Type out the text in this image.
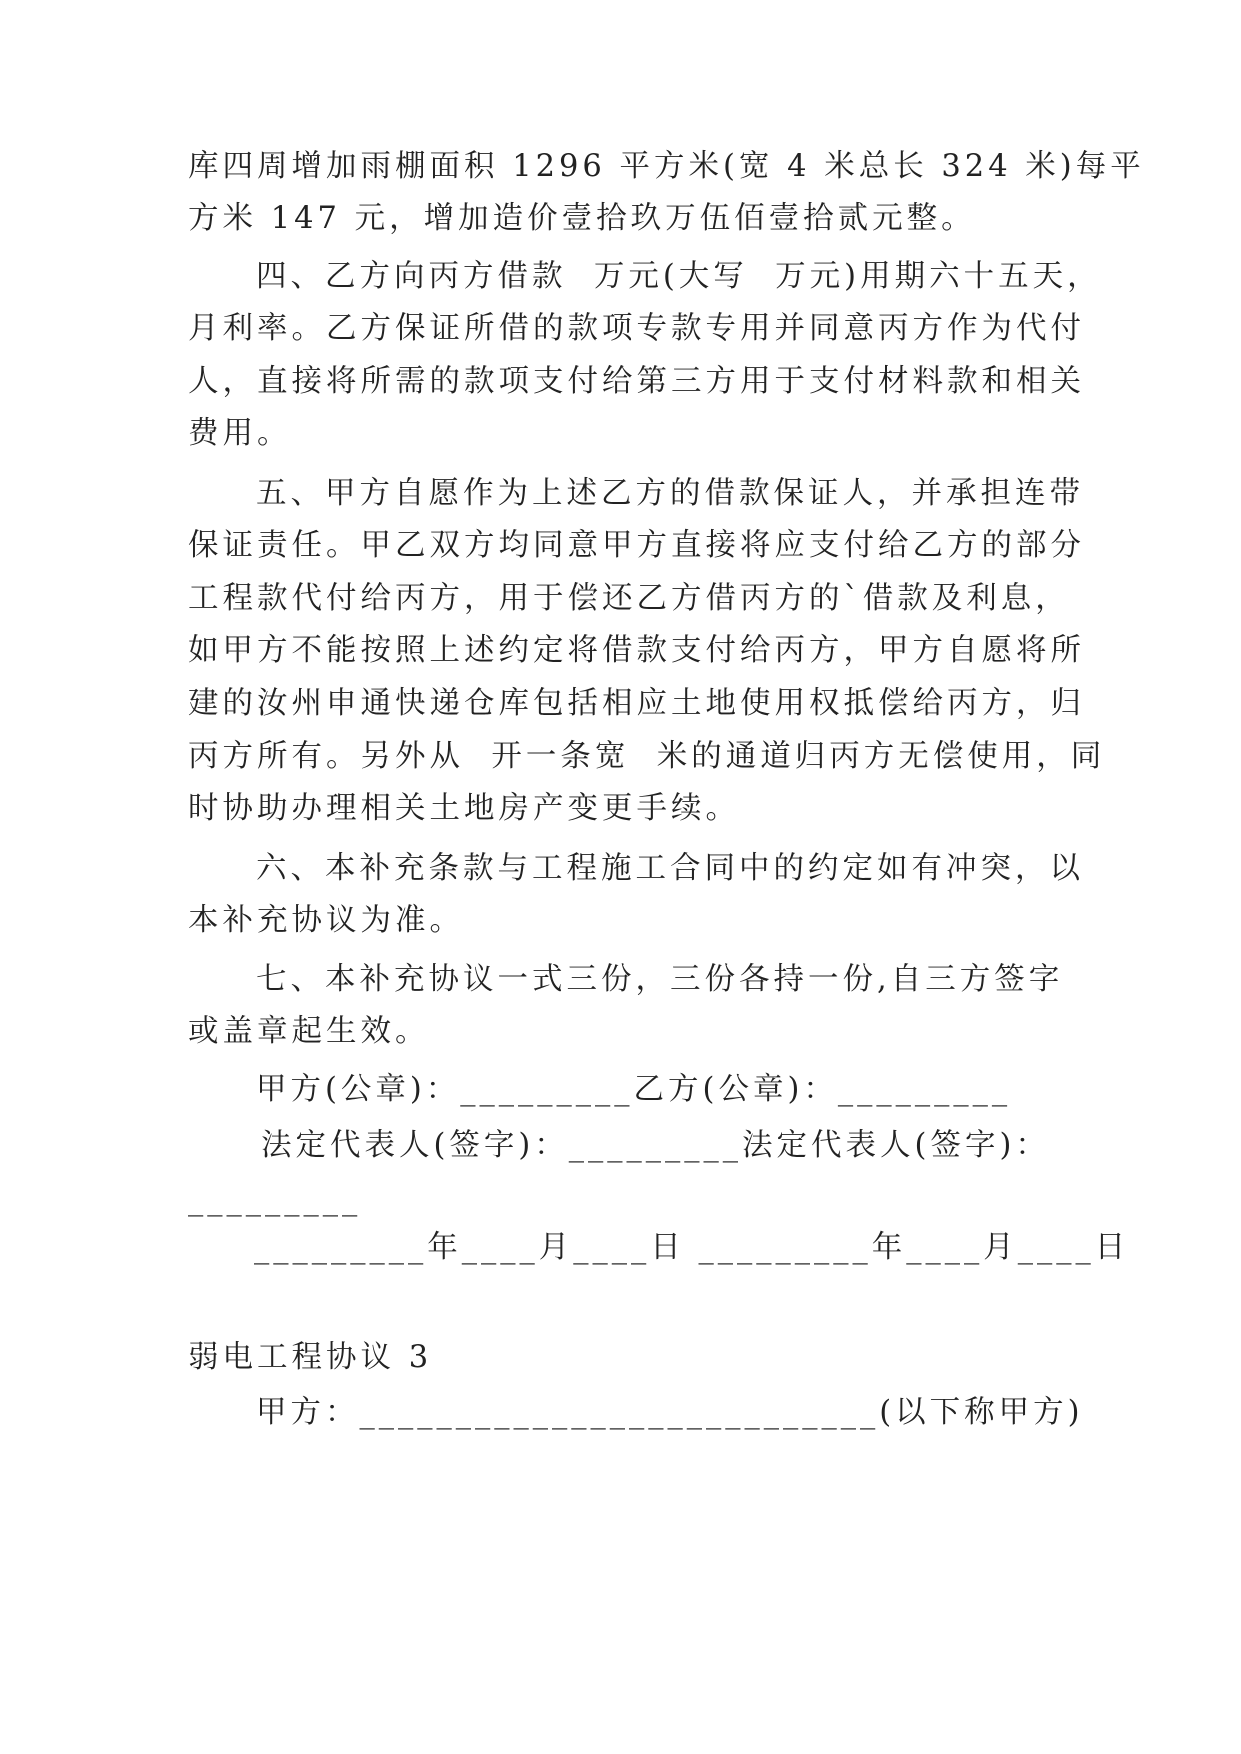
库四周增加雨棚面积 1296 平方米(宽 4 米总长 324 米)每平
方米 147 元，增加造价壹拾玖万伍佰壹拾贰元整。
四、乙方向丙方借款  万元(大写  万元)用期六十五天，
月利率。乙方保证所借的款项专款专用并同意丙方作为代付
人，直接将所需的款项支付给第三方用于支付材料款和相关
费用。
五、甲方自愿作为上述乙方的借款保证人，并承担连带
保证责任。甲乙双方均同意甲方直接将应支付给乙方的部分
工程款代付给丙方，用于偿还乙方借丙方的`借款及利息，
如甲方不能按照上述约定将借款支付给丙方，甲方自愿将所
建的汝州申通快递仓库包括相应土地使用权抵偿给丙方，归
丙方所有。另外从  开一条宽  米的通道归丙方无偿使用，同
时协助办理相关土地房产变更手续。
六、本补充条款与工程施工合同中的约定如有冲突，以
本补充协议为准。
七、本补充协议一式三份，三份各持一份,自三方签字
或盖章起生效。
甲方(公章)：_________乙方(公章)：_________
法定代表人(签字)：_________法定代表人(签字)：
_________
_________年____月____日 _________年____月____日
弱电工程协议 3
甲方：___________________________(以下称甲方)
